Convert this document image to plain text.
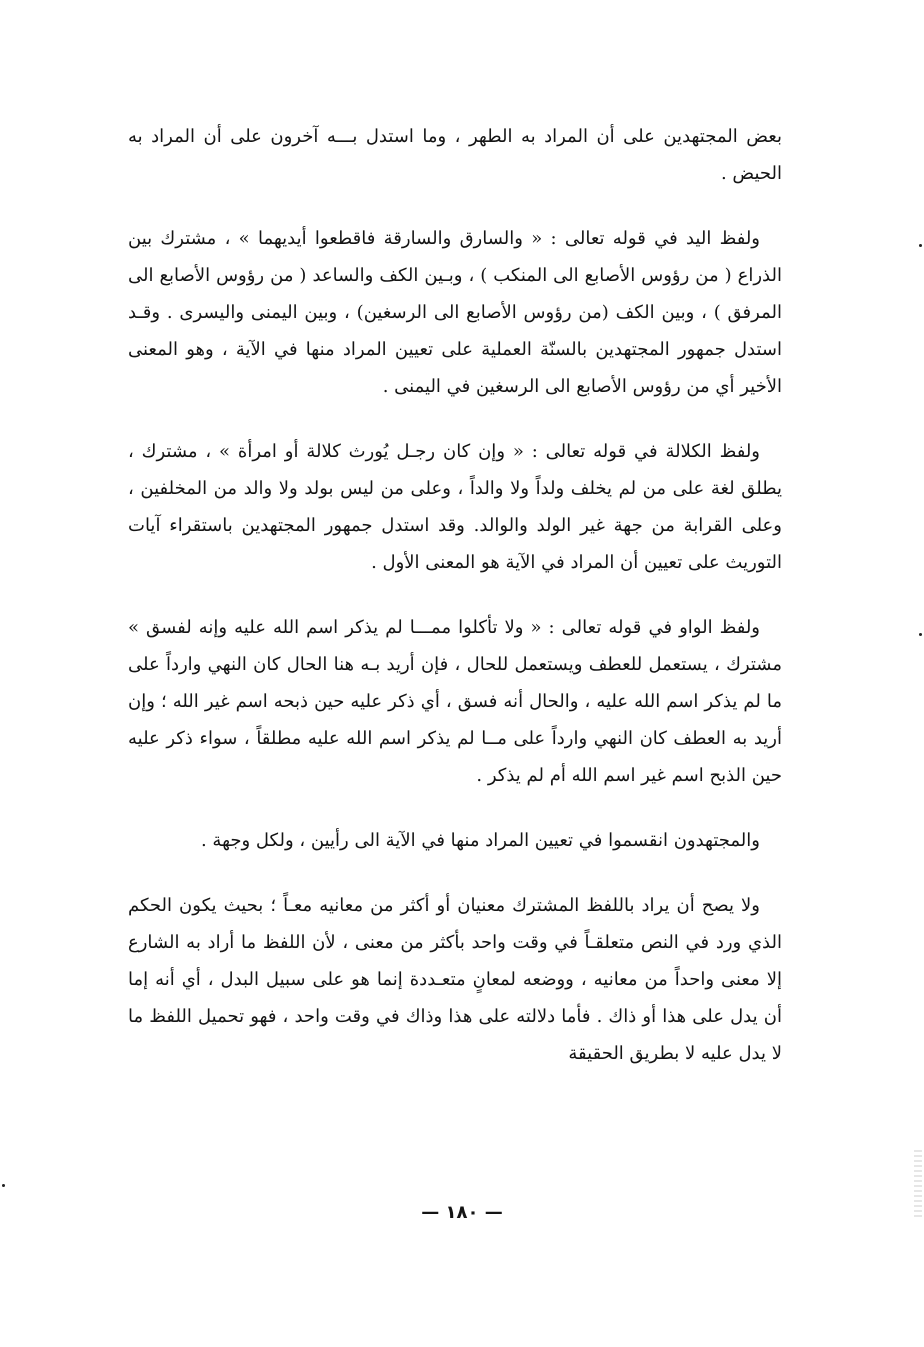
بعض المجتهدين على أن المراد به الطهر ، وما استدل بـــه آخرون على أن المراد به الحيض .

ولفظ اليد في قوله تعالى : « والسارق والسارقة فاقطعوا أيديهما » ، مشترك بين الذراع ( من رؤوس الأصابع الى المنكب ) ، وبـين الكف والساعد ( من رؤوس الأصابع الى المرفق ) ، وبين الكف (من رؤوس الأصابع الى الرسغين) ، وبين اليمنى واليسرى . وقـد استدل جمهور المجتهدين بالسنّة العملية على تعيين المراد منها في الآية ، وهو المعنى الأخير أي من رؤوس الأصابع الى الرسغين في اليمنى .

ولفظ الكلالة في قوله تعالى : « وإن كان رجـل يُورث كلالة أو امرأة » ، مشترك ، يطلق لغة على من لم يخلف ولداً ولا والداً ، وعلى من ليس بولد ولا والد من المخلفين ، وعلى القرابة من جهة غير الولد والوالد. وقد استدل جمهور المجتهدين باستقراء آيات التوريث على تعيين أن المراد في الآية هو المعنى الأول .

ولفظ الواو في قوله تعالى : « ولا تأكلوا ممـــا لم يذكر اسم الله عليه وإنه لفسق » مشترك ، يستعمل للعطف ويستعمل للحال ، فإن أريد بـه هنا الحال كان النهي وارداً على ما لم يذكر اسم الله عليه ، والحال أنه فسق ، أي ذكر عليه حين ذبحه اسم غير الله ؛ وإن أريد به العطف كان النهي وارداً على مــا لم يذكر اسم الله عليه مطلقاً ، سواء ذكر عليه حين الذبح اسم غير اسم الله أم لم يذكر .

والمجتهدون انقسموا في تعيين المراد منها في الآية الى رأيين ، ولكل وجهة .

ولا يصح أن يراد باللفظ المشترك معنيان أو أكثر من معانيه معـاً ؛ بحيث يكون الحكم الذي ورد في النص متعلقـاً في وقت واحد بأكثر من معنى ، لأن اللفظ ما أراد به الشارع إلا معنى واحداً من معانيه ، ووضعه لمعانٍ متعـددة إنما هو على سبيل البدل ، أي أنه إما أن يدل على هذا أو ذاك . فأما دلالته على هذا وذاك في وقت واحد ، فهو تحميل اللفظ ما لا يدل عليه لا بطريق الحقيقة

— ١٨٠ —
